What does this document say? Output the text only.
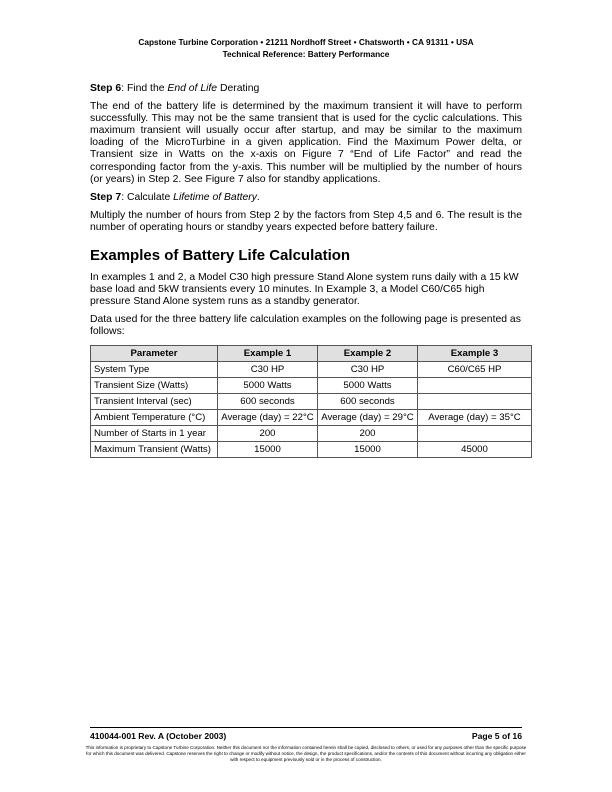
Capstone Turbine Corporation • 21211 Nordhoff Street • Chatsworth • CA 91311 • USA
Technical Reference: Battery Performance

Step 6: Find the End of Life Derating

The end of the battery life is determined by the maximum transient it will have to perform successfully. This may not be the same transient that is used for the cyclic calculations. This maximum transient will usually occur after startup, and may be similar to the maximum loading of the MicroTurbine in a given application. Find the Maximum Power delta, or Transient size in Watts on the x-axis on Figure 7 “End of Life Factor” and read the corresponding factor from the y-axis. This number will be multiplied by the number of hours (or years) in Step 2. See Figure 7 also for standby applications.

Step 7: Calculate Lifetime of Battery.

Multiply the number of hours from Step 2 by the factors from Step 4,5 and 6. The result is the number of operating hours or standby years expected before battery failure.

Examples of Battery Life Calculation

In examples 1 and 2, a Model C30 high pressure Stand Alone system runs daily with a 15 kW base load and 5kW transients every 10 minutes. In Example 3, a Model C60/C65 high pressure Stand Alone system runs as a standby generator.

Data used for the three battery life calculation examples on the following page is presented as follows:

Parameter	Example 1	Example 2	Example 3
System Type	C30 HP	C30 HP	C60/C65 HP
Transient Size (Watts)	5000 Watts	5000 Watts	
Transient Interval (sec)	600 seconds	600 seconds	
Ambient Temperature (°C)	Average (day) = 22°C	Average (day) = 29°C	Average (day) = 35°C
Number of Starts in 1 year	200	200	
Maximum Transient (Watts)	15000	15000	45000
410044-001 Rev. A (October 2003)	Page 5 of 16
This information is proprietary to Capstone Turbine Corporation. Neither this document nor the information contained herein shall be copied, disclosed to others, or used for any purposes other than the specific purpose for which this document was delivered. Capstone reserves the right to change or modify without notice, the design, the product specifications, and/or the contents of this document without incurring any obligation either with respect to equipment previously sold or in the process of construction.
